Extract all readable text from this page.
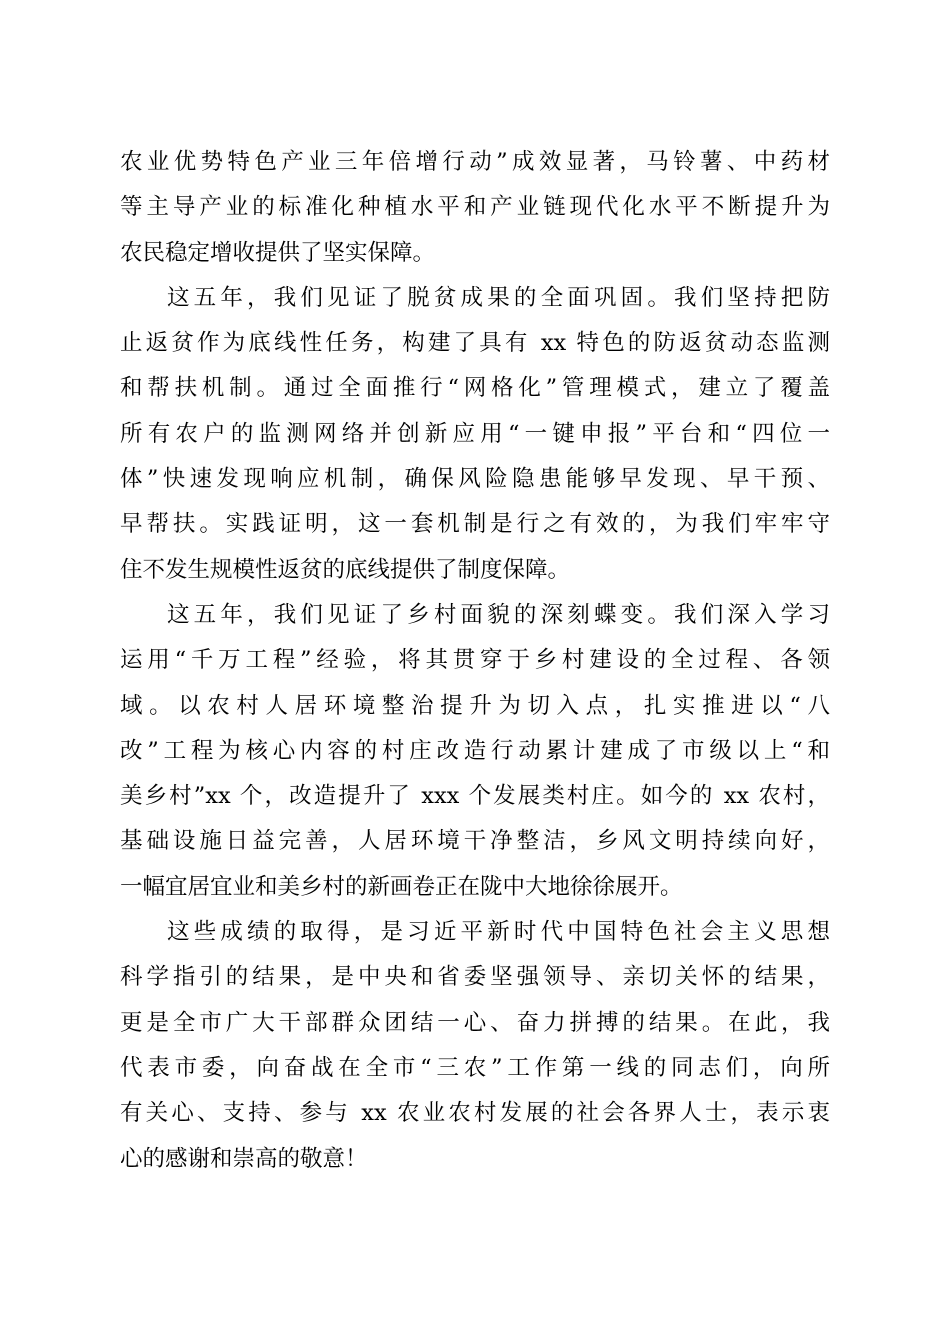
农业优势特色产业三年倍增行动”成效显著，马铃薯、中药材
等主导产业的标准化种植水平和产业链现代化水平不断提升为
农民稳定增收提供了坚实保障。
这五年，我们见证了脱贫成果的全面巩固。我们坚持把防
止返贫作为底线性任务，构建了具有 xx 特色的防返贫动态监测
和帮扶机制。通过全面推行“网格化”管理模式，建立了覆盖
所有农户的监测网络并创新应用“一键申报”平台和“四位一
体”快速发现响应机制，确保风险隐患能够早发现、早干预、
早帮扶。实践证明，这一套机制是行之有效的，为我们牢牢守
住不发生规模性返贫的底线提供了制度保障。
这五年，我们见证了乡村面貌的深刻蝶变。我们深入学习
运用“千万工程”经验，将其贯穿于乡村建设的全过程、各领
域。以农村人居环境整治提升为切入点，扎实推进以“八
改”工程为核心内容的村庄改造行动累计建成了市级以上“和
美乡村”xx 个，改造提升了 xxx 个发展类村庄。如今的 xx 农村，
基础设施日益完善，人居环境干净整洁，乡风文明持续向好，
一幅宜居宜业和美乡村的新画卷正在陇中大地徐徐展开。
这些成绩的取得，是习近平新时代中国特色社会主义思想
科学指引的结果，是中央和省委坚强领导、亲切关怀的结果，
更是全市广大干部群众团结一心、奋力拼搏的结果。在此，我
代表市委，向奋战在全市“三农”工作第一线的同志们，向所
有关心、支持、参与 xx 农业农村发展的社会各界人士，表示衷
心的感谢和崇高的敬意！
